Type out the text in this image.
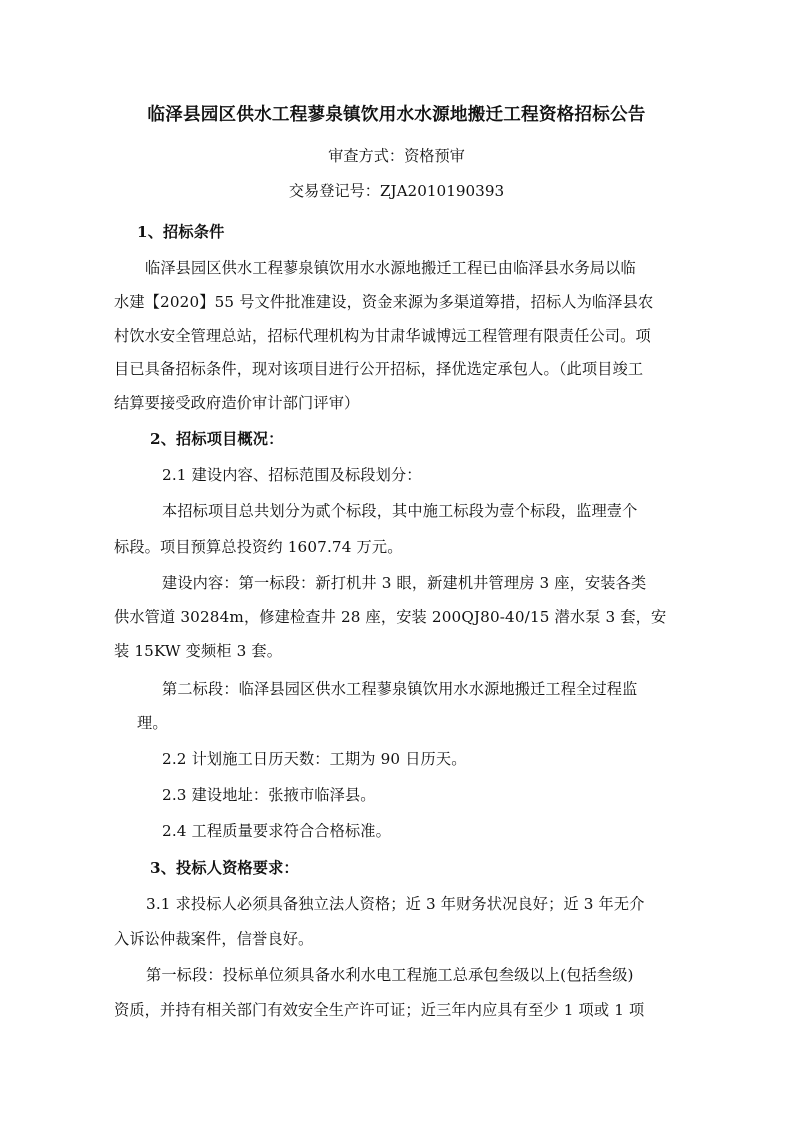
临泽县园区供水工程蓼泉镇饮用水水源地搬迁工程资格招标公告
审查方式：资格预审
交易登记号：ZJA2010190393
1、招标条件
临泽县园区供水工程蓼泉镇饮用水水源地搬迁工程已由临泽县水务局以临
水建【2020】55 号文件批准建设，资金来源为多渠道筹措，招标人为临泽县农
村饮水安全管理总站，招标代理机构为甘肃华诚博远工程管理有限责任公司。项
目已具备招标条件，现对该项目进行公开招标，择优选定承包人。（此项目竣工
结算要接受政府造价审计部门评审）
2、招标项目概况：
2.1 建设内容、招标范围及标段划分：
本招标项目总共划分为贰个标段，其中施工标段为壹个标段，监理壹个
标段。项目预算总投资约 1607.74 万元。
建设内容：第一标段：新打机井 3 眼，新建机井管理房 3 座，安装各类
供水管道 30284m，修建检查井 28 座，安装 200QJ80-40/15 潜水泵 3 套，安
装 15KW 变频柜 3 套。
第二标段：临泽县园区供水工程蓼泉镇饮用水水源地搬迁工程全过程监
理。
2.2 计划施工日历天数：工期为 90 日历天。
2.3 建设地址：张掖市临泽县。
2.4 工程质量要求符合合格标准。
3、投标人资格要求：
3.1 求投标人必须具备独立法人资格；近 3 年财务状况良好；近 3 年无介
入诉讼仲裁案件，信誉良好。
第一标段：投标单位须具备水利水电工程施工总承包叁级以上(包括叁级)
资质，并持有相关部门有效安全生产许可证；近三年内应具有至少 1 项或 1 项
